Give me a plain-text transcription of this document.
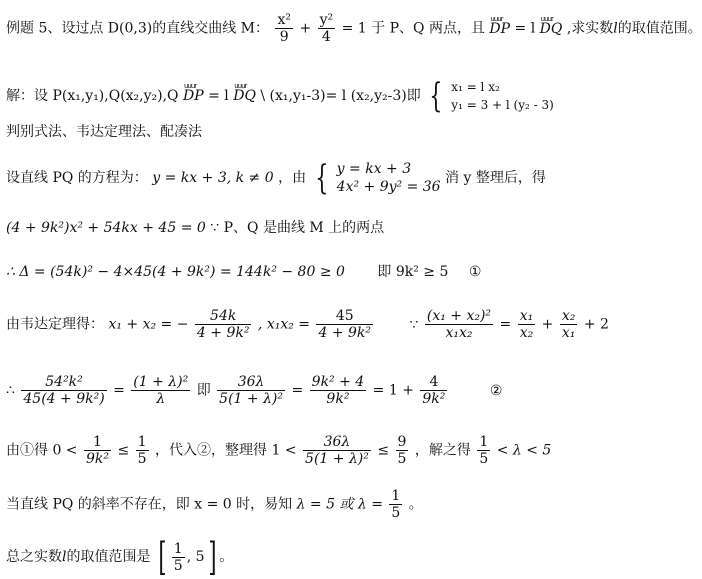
例题 5、设过点 D(0,3)的直线交曲线 M： $\frac{\text{x²}}{9} + \frac{\text{y²}}{4} = 1$ 于 P、Q 两点，且 uuur DP = l uuur DQ ,求实数l的取值范围。
解：设 P(x₁,y₁),Q(x₂,y₂),Q uuur DP = l uuur DQ \ (x₁,y₁-3)= l (x₂,y₂-3)即 { x₁ = l x₂
y₁ = 3 + l (y₂ - 3)
判别式法、韦达定理法、配凑法
设直线 PQ 的方程为： y = kx + 3, k ≠ 0 ，由 { y = kx + 3
4x² + 9y² = 36
消 y 整理后，得
(4 + 9k²)x² + 54kx + 45 = 0 ∵ P、Q 是曲线 M 上的两点
∴ Δ = (54k)² − 4×45(4 + 9k²) = 144k² − 80 ≥ 0 即 9k² ≥ 5 ①
由韦达定理得： x₁ + x₂ = − $\frac{54k}{\text{4 + 9k²}}$ , $x_1x_2 = \frac{45}{\text{4 + 9k²}}$	∵ $\frac{\text{(x₁ + x₂)²}}{\text{x₁x₂}} = \frac{\text{x₁}}{\text{x₂}} + \frac{\text{x₂}}{\text{x₁}} + 2$
∴ $\frac{\text{54²k²}}{\text{45(4 + 9k²)}} = \frac{\text{(1 + λ)²}}{\lambda}$ 即 $\frac{36\lambda}{\text{5(1 + λ)²}} = \frac{\text{9k² + 4}}{\text{9k²}} = 1 + \frac{4}{\text{9k²}}$	②
由①得 $0 < \frac{1}{\text{9k²}} \le \frac{1}{5}$ ，代入②，整理得 $1 < \frac{36\lambda}{\text{5(1 + λ)²}} \le \frac{9}{5}$ ，解之得 $\frac{1}{5} < \lambda < 5$
当直线 PQ 的斜率不存在，即 x = 0 时，易知 λ = 5 或 $\lambda = \frac{1}{5}$ 。
总之实数l的取值范围是 [ $\frac{1}{5}$ , 5] 。
